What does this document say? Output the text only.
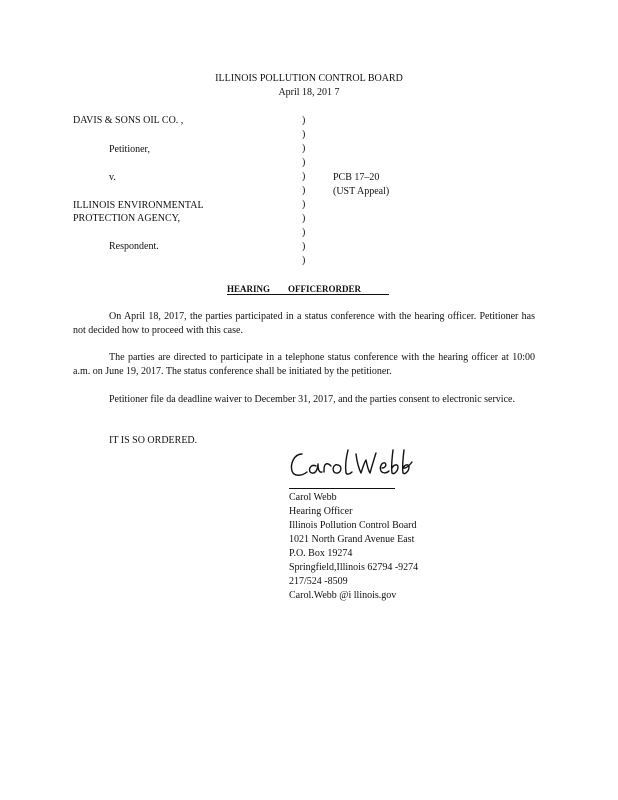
ILLINOIS POLLUTION CONTROL BOARD
April 18, 201 7
DAVIS & SONS OIL CO. ,
Petitioner,
v.
ILLINOIS ENVIRONMENTAL
PROTECTION AGENCY,
Respondent.
)
)
)
)
)
)
)
)
)
)
)
PCB 17–20
(UST Appeal)
HEARING OFFICERORDER
On April 18, 2017, the parties participated in a status conference with the hearing officer. Petitioner has not decided how to proceed with this case.
The parties are directed to participate in a telephone status conference with the hearing officer at 10:00 a.m. on June 19, 2017. The status conference shall be initiated by the petitioner.
Petitioner file da deadline waiver to December 31, 2017, and the parties consent to electronic service.
IT IS SO ORDERED.
Carol Webb
Hearing Officer
Illinois Pollution Control Board
1021 North Grand Avenue East
P.O. Box 19274
Springfield,Illinois 62794 -9274
217/524 -8509
Carol.Webb @i llinois.gov
